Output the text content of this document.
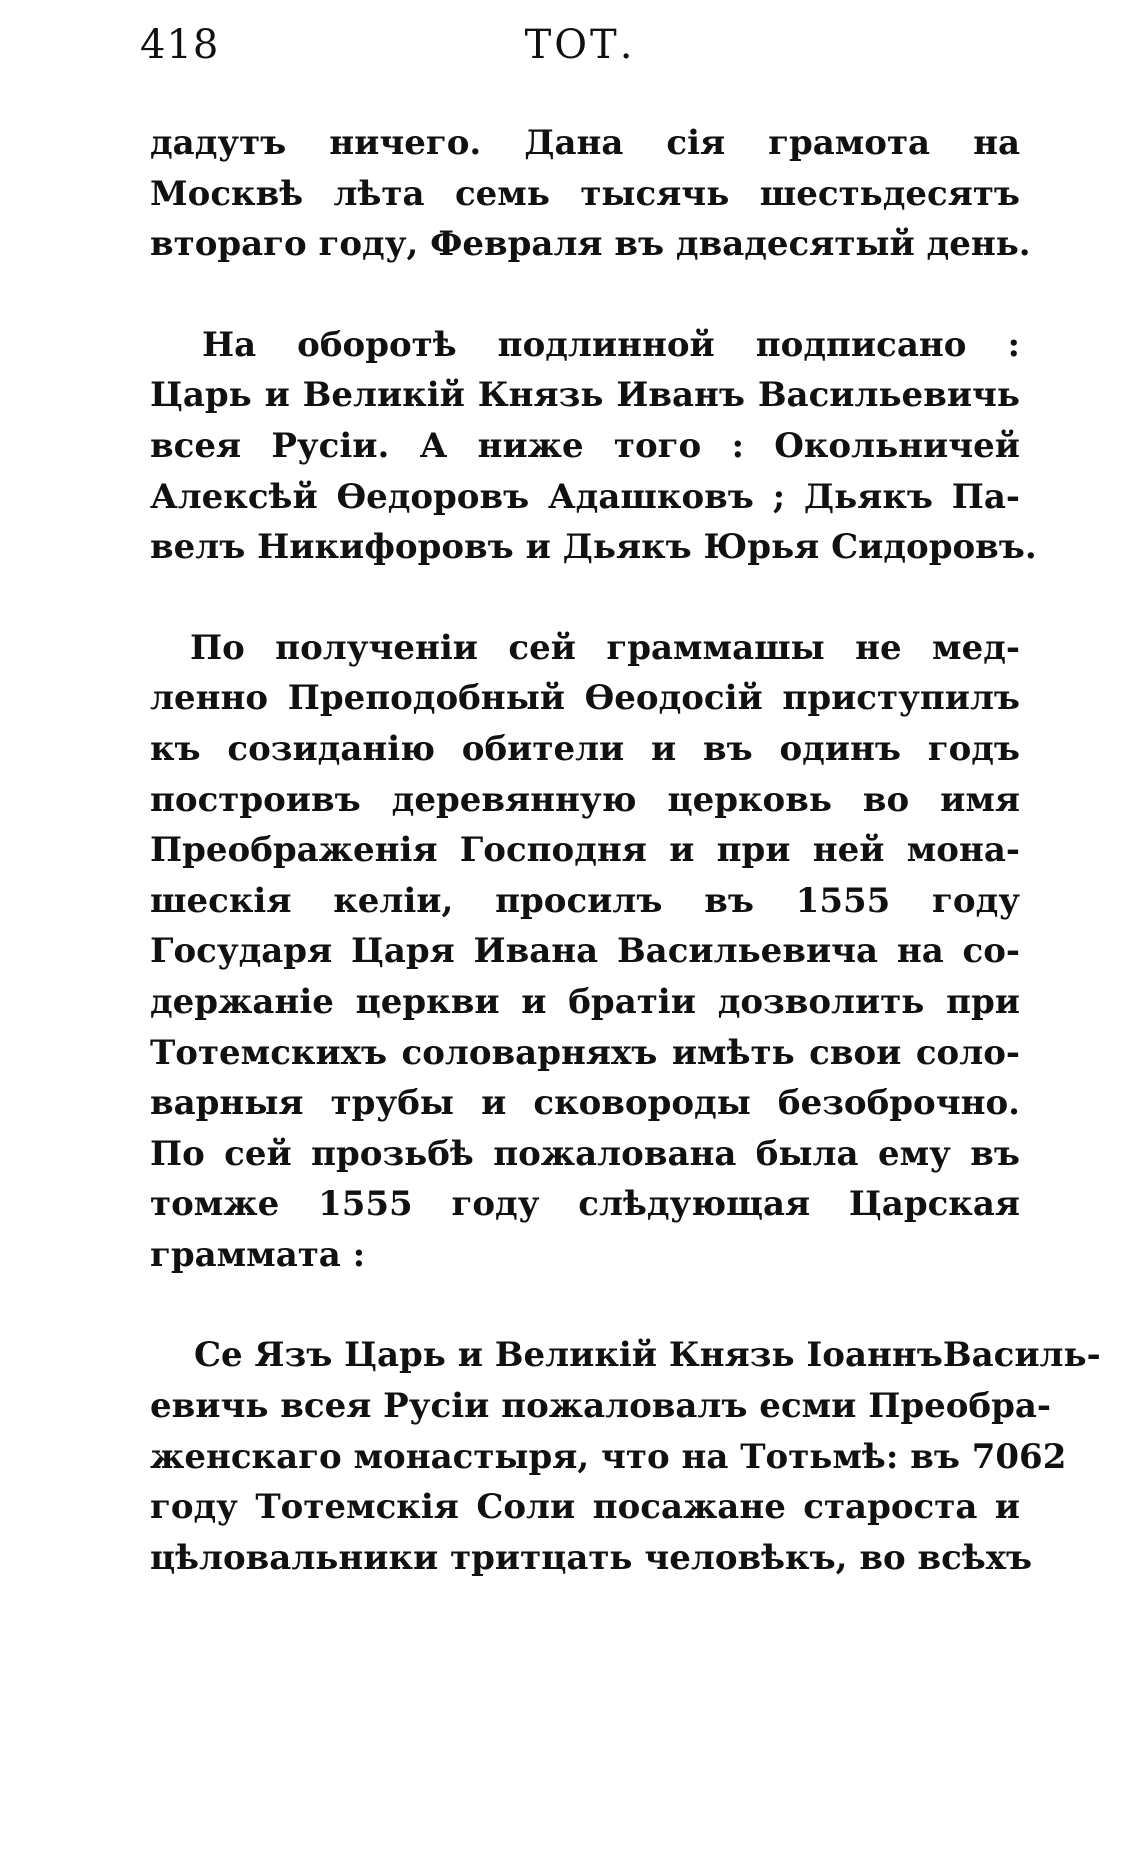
418	ТОТ.

дадутъ ничего. Дана сія грамота на
Москвѣ лѣта семь тысячь шестьдесятъ
втораго году, Февраля въ двадесятый день.

На оборотѣ подлинной подписано :

Царь и Великій Князь Иванъ Васильевичь
всея Русіи. А ниже того : Окольничей
Алексѣй Өедоровъ Адашковъ ; Дьякъ Па-
велъ Никифоровъ и Дьякъ Юрья Сидоровъ.

По полученіи сей граммашы не мед-

ленно Преподобный Өеодосій приступилъ
къ созиданію обители и въ одинъ годъ
построивъ деревянную церковь во имя
Преображенія Господня и при ней мона-
шескія келіи, просилъ въ 1555 году
Государя Царя Ивана Васильевича на со-
держаніе церкви и братіи дозволить при
Тотемскихъ соловарняхъ имѣть свои соло-
варныя трубы и сковороды безоброчно.
По сей прозьбѣ пожалована была ему въ
томже 1555 году слѣдующая Царская
граммата :

Се Язъ Царь и Великій Князь ІоаннъВасиль-

евичь всея Русіи пожаловалъ есми Преобра-
женскаго монастыря, что на Тотьмѣ: въ 7062
году Тотемскія Соли посажане староста и
цѣловальники тритцать человѣкъ, во всѣхъ
